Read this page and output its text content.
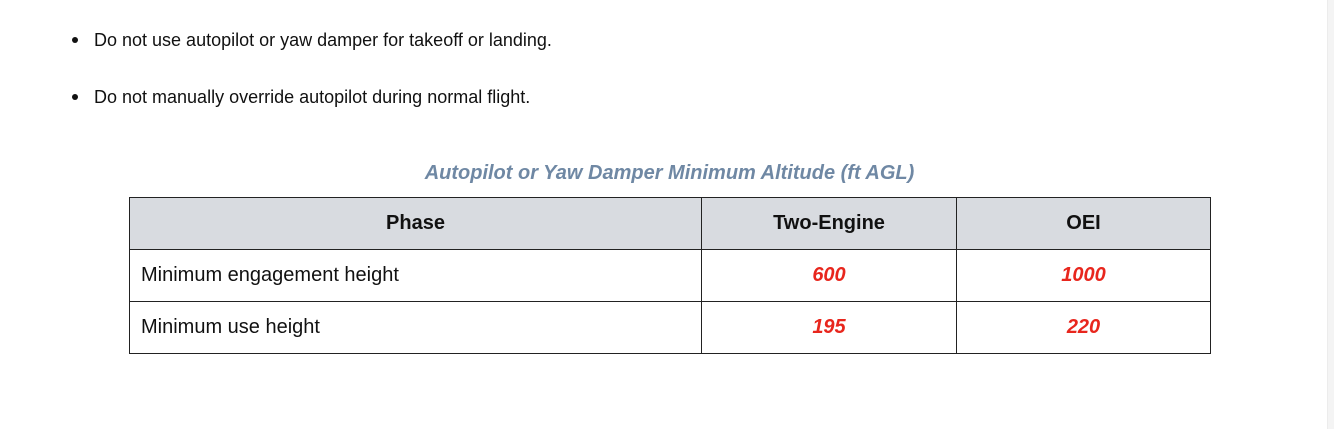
Do not use autopilot or yaw damper for takeoff or landing.
Do not manually override autopilot during normal flight.
Autopilot or Yaw Damper Minimum Altitude (ft AGL)
Phase	Two-Engine	OEI
Minimum engagement height	600	1000
Minimum use height	195	220
